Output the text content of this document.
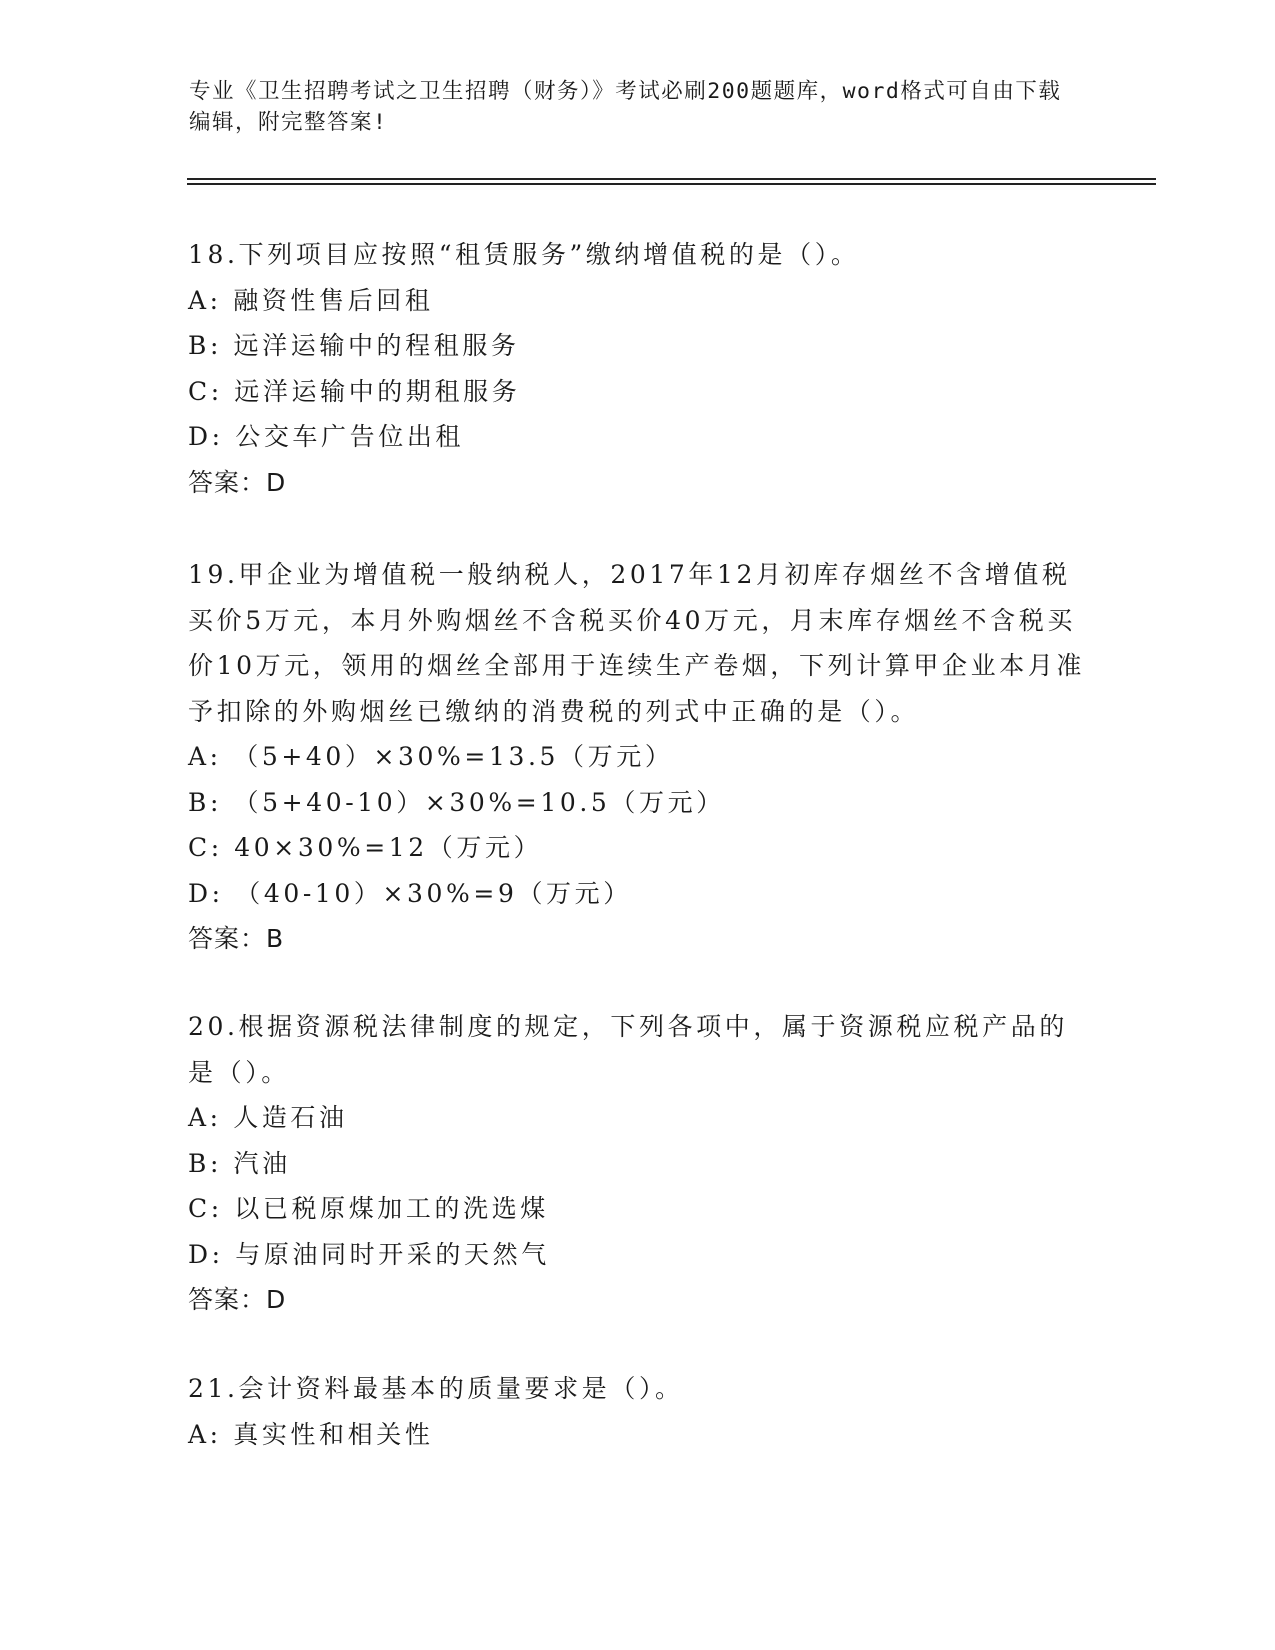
专业《卫生招聘考试之卫生招聘（财务）》考试必刷200题题库，word格式可自由下载编辑，附完整答案!

18.下列项目应按照“租赁服务”缴纳增值税的是（）。

A: 融资性售后回租

B: 远洋运输中的程租服务

C: 远洋运输中的期租服务

D: 公交车广告位出租

答案：D

19.甲企业为增值税一般纳税人，2017年12月初库存烟丝不含增值税买价5万元，本月外购烟丝不含税买价40万元，月末库存烟丝不含税买价10万元，领用的烟丝全部用于连续生产卷烟，下列计算甲企业本月准予扣除的外购烟丝已缴纳的消费税的列式中正确的是（）。

A: （5+40）×30%=13.5（万元）

B: （5+40-10）×30%=10.5（万元）

C: 40×30%=12（万元）

D: （40-10）×30%=9（万元）

答案：B

20.根据资源税法律制度的规定，下列各项中，属于资源税应税产品的是（）。

A: 人造石油

B: 汽油

C: 以已税原煤加工的洗选煤

D: 与原油同时开采的天然气

答案：D

21.会计资料最基本的质量要求是（）。

A: 真实性和相关性
